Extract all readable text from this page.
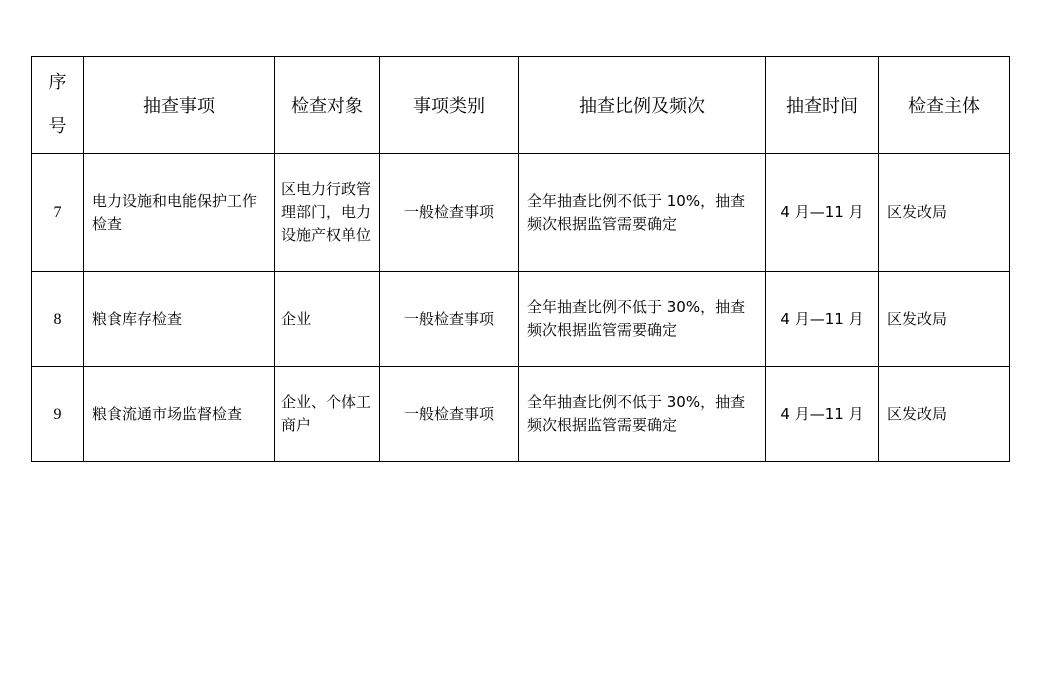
序
号	抽查事项	检查对象	事项类别	抽查比例及频次	抽查时间	检查主体
7	电力设施和电能保护工作检查	区电力行政管理部门，电力设施产权单位	一般检查事项	全年抽查比例不低于 10%，抽查频次根据监管需要确定	4 月—11 月	区发改局

8	粮食库存检查	企业	一般检查事项	全年抽查比例不低于 30%，抽查频次根据监管需要确定	4 月—11 月	区发改局

9	粮食流通市场监督检查	企业、个体工商户	一般检查事项	全年抽查比例不低于 30%，抽查频次根据监管需要确定	4 月—11 月	区发改局
